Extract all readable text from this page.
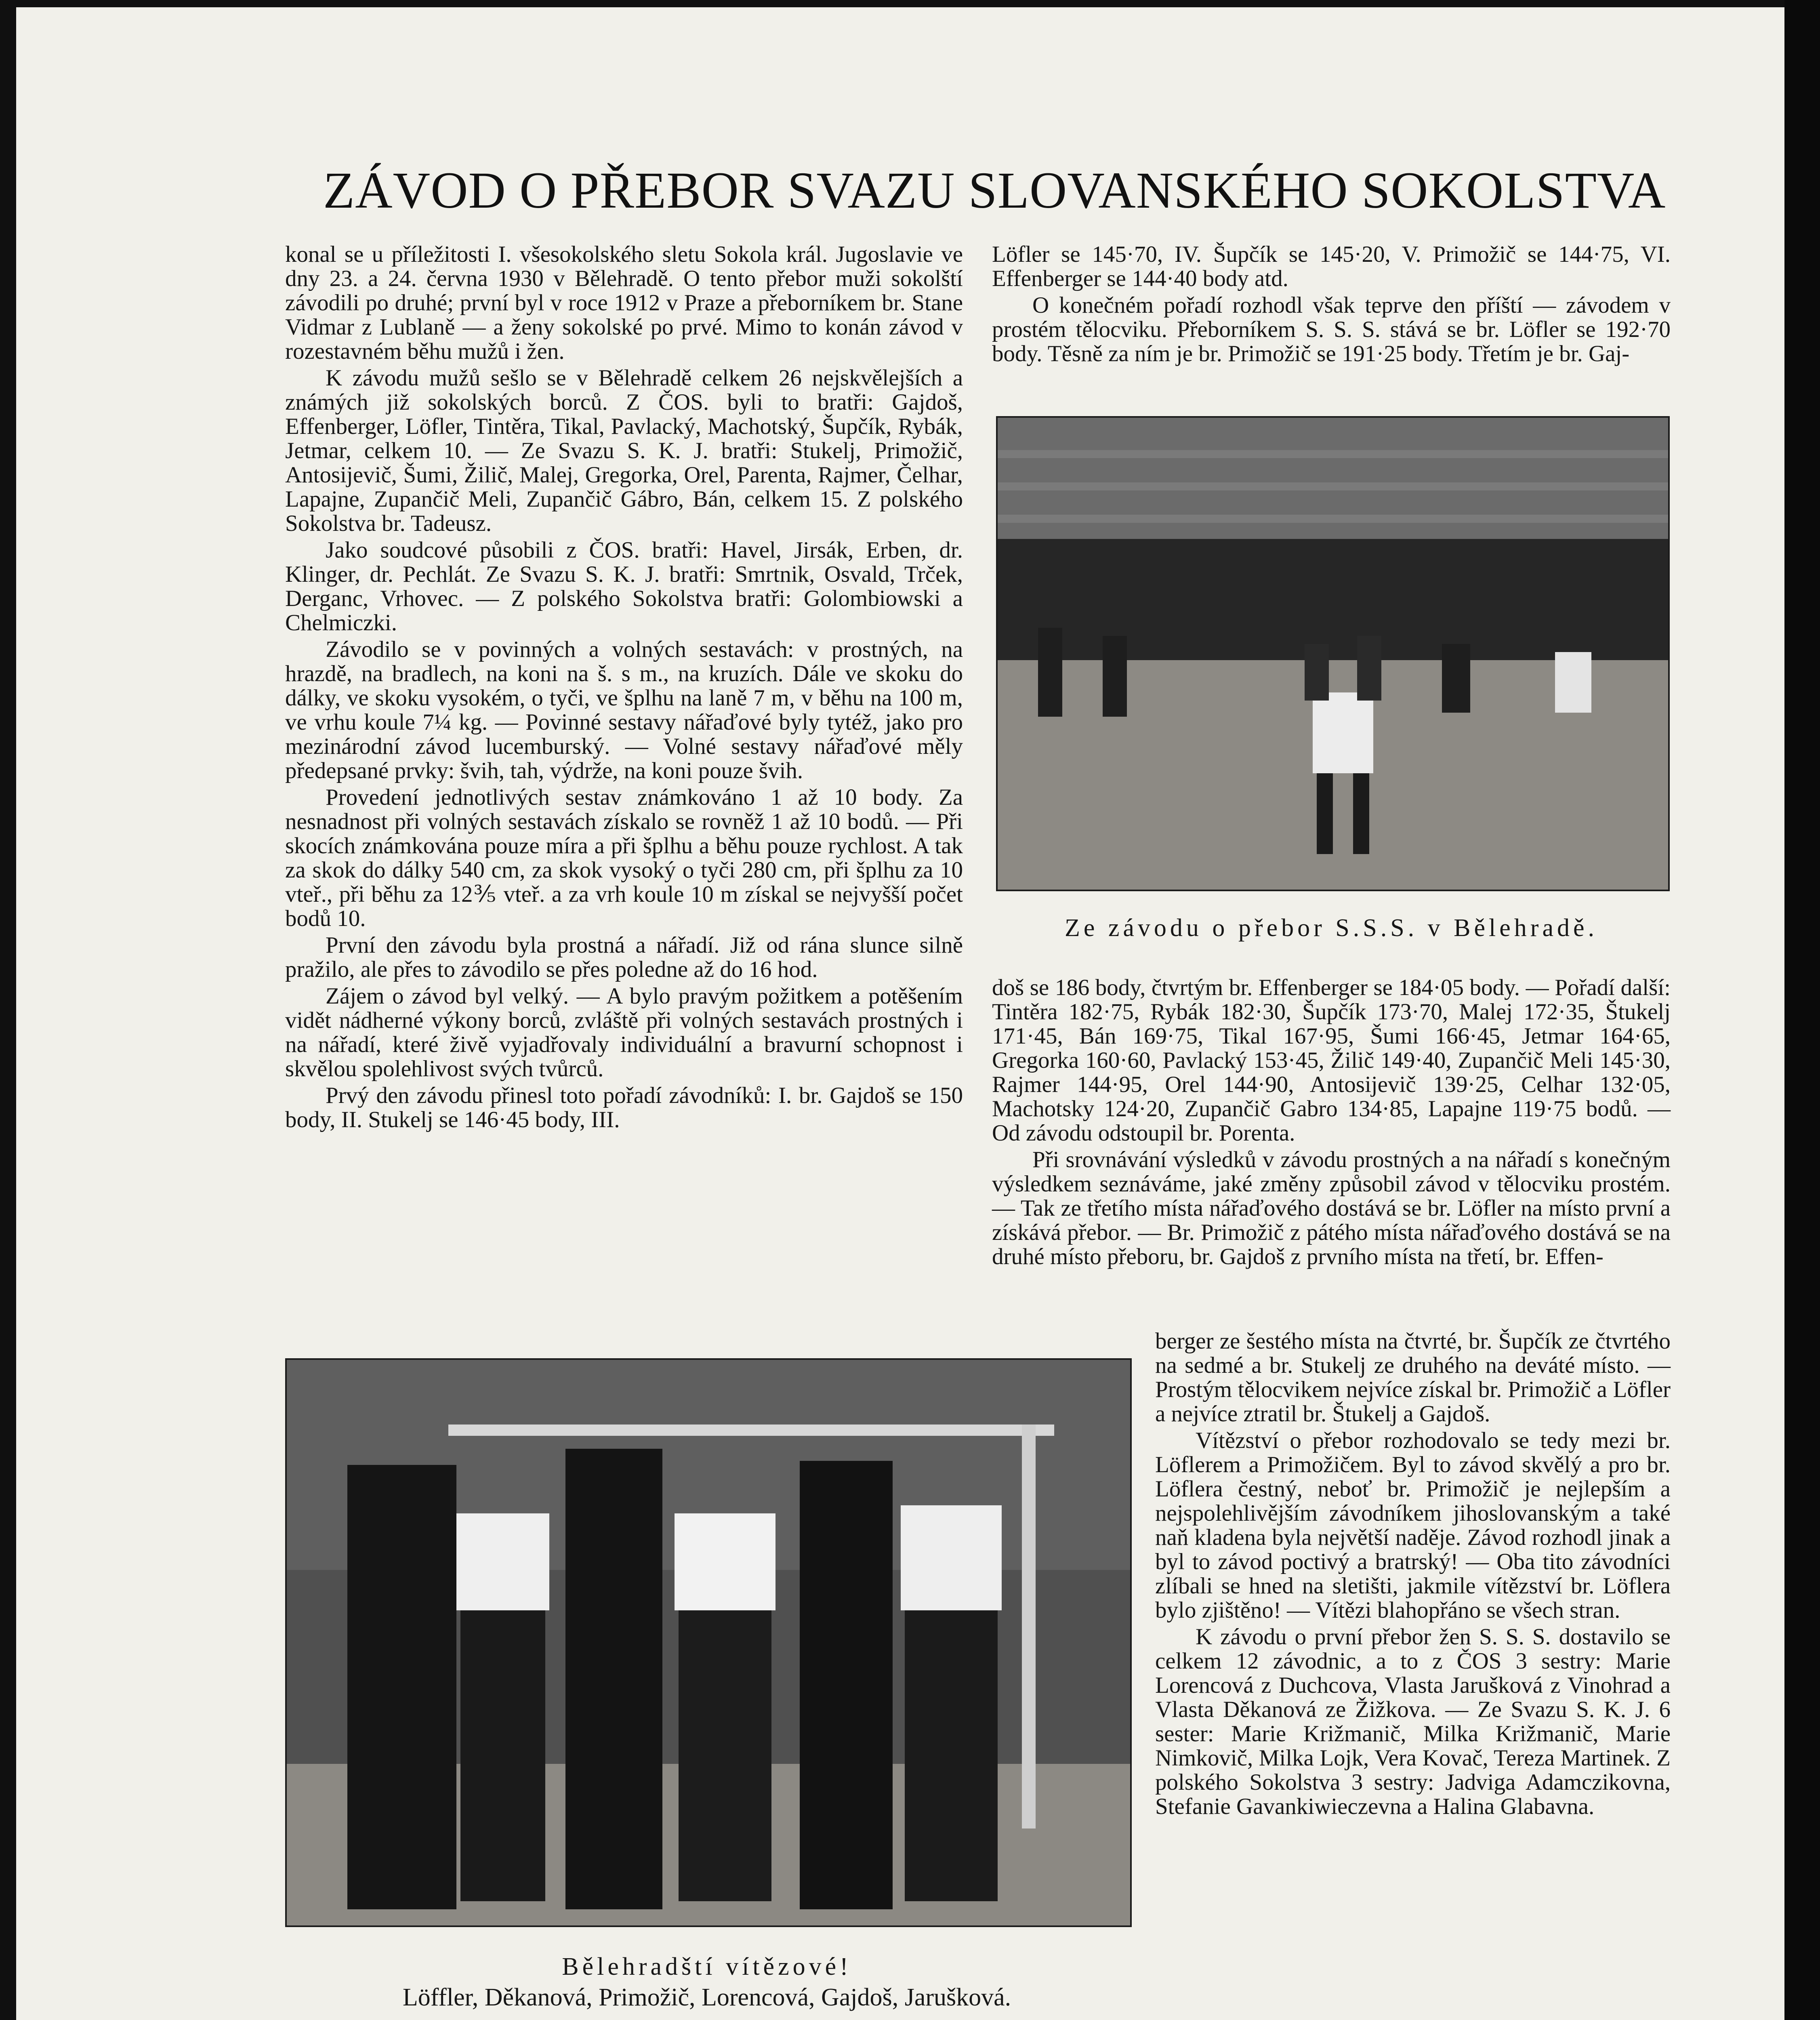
ZÁVOD O PŘEBOR SVAZU SLOVANSKÉHO SOKOLSTVA

konal se u příležitosti I. všesokolského sletu Sokola král. Jugoslavie ve dny 23. a 24. června 1930 v Bělehradě. O tento přebor muži sokolští závodili po druhé; první byl v roce 1912 v Praze a přeborníkem br. Stane Vidmar z Lublaně — a ženy sokolské po prvé. Mimo to konán závod v rozestavném běhu mužů i žen.

K závodu mužů sešlo se v Bělehradě celkem 26 nejskvělejších a známých již sokolských borců. Z ČOS. byli to bratři: Gajdoš, Effenberger, Löfler, Tintěra, Tikal, Pavlacký, Machotský, Šupčík, Rybák, Jetmar, celkem 10. — Ze Svazu S. K. J. bratři: Stukelj, Primožič, Antosijevič, Šumi, Žilič, Malej, Gregorka, Orel, Parenta, Rajmer, Čelhar, Lapajne, Zupančič Meli, Zupančič Gábro, Bán, celkem 15. Z polského Sokolstva br. Tadeusz.

Jako soudcové působili z ČOS. bratři: Havel, Jirsák, Erben, dr. Klinger, dr. Pechlát. Ze Svazu S. K. J. bratři: Smrtnik, Osvald, Trček, Derganc, Vrhovec. — Z polského Sokolstva bratři: Golombiowski a Chelmiczki.

Závodilo se v povinných a volných sestavách: v prostných, na hrazdě, na bradlech, na koni na š. s m., na kruzích. Dále ve skoku do dálky, ve skoku vysokém, o tyči, ve šplhu na laně 7 m, v běhu na 100 m, ve vrhu koule 7¼ kg. — Povinné sestavy nářaďové byly tytéž, jako pro mezinárodní závod lucemburský. — Volné sestavy nářaďové měly předepsané prvky: švih, tah, výdrže, na koni pouze švih.

Provedení jednotlivých sestav známkováno 1 až 10 body. Za nesnadnost při volných sestavách získalo se rovněž 1 až 10 bodů. — Při skocích známkována pouze míra a při šplhu a běhu pouze rychlost. A tak za skok do dálky 540 cm, za skok vysoký o tyči 280 cm, při šplhu za 10 vteř., při běhu za 12⅗ vteř. a za vrh koule 10 m získal se nejvyšší počet bodů 10.

První den závodu byla prostná a nářadí. Již od rána slunce silně pražilo, ale přes to závodilo se přes poledne až do 16 hod.

Zájem o závod byl velký. — A bylo pravým požitkem a potěšením vidět nádherné výkony borců, zvláště při volných sestavách prostných i na nářadí, které živě vyjadřovaly individuální a bravurní schopnost i skvělou spolehlivost svých tvůrců.

Prvý den závodu přinesl toto pořadí závodníků: I. br. Gajdoš se 150 body, II. Stukelj se 146·45 body, III.

Löfler se 145·70, IV. Šupčík se 145·20, V. Primožič se 144·75, VI. Effenberger se 144·40 body atd.

O konečném pořadí rozhodl však teprve den příští — závodem v prostém tělocviku. Přeborníkem S. S. S. stává se br. Löfler se 192·70 body. Těsně za ním je br. Primožič se 191·25 body. Třetím je br. Gaj-

Ze závodu o přebor S.S.S. v Bělehradě.

doš se 186 body, čtvrtým br. Effenberger se 184·05 body. — Pořadí další: Tintěra 182·75, Rybák 182·30, Šupčík 173·70, Malej 172·35, Štukelj 171·45, Bán 169·75, Tikal 167·95, Šumi 166·45, Jetmar 164·65, Gregorka 160·60, Pavlacký 153·45, Žilič 149·40, Zupančič Meli 145·30, Rajmer 144·95, Orel 144·90, Antosijevič 139·25, Celhar 132·05, Machotsky 124·20, Zupančič Gabro 134·85, Lapajne 119·75 bodů. — Od závodu odstoupil br. Porenta.

Při srovnávání výsledků v závodu prostných a na nářadí s konečným výsledkem seznáváme, jaké změny způsobil závod v tělocviku prostém. — Tak ze třetího místa nářaďového dostává se br. Löfler na místo první a získává přebor. — Br. Primožič z pátého místa nářaďového dostává se na druhé místo přeboru, br. Gajdoš z prvního místa na třetí, br. Effen-

Bělehradští vítězové!
Löffler, Děkanová, Primožič, Lorencová, Gajdoš, Jarušková.

berger ze šestého místa na čtvrté, br. Šupčík ze čtvrtého na sedmé a br. Stukelj ze druhého na deváté místo. — Prostým tělocvikem nejvíce získal br. Primožič a Löfler a nejvíce ztratil br. Štukelj a Gajdoš.

Vítězství o přebor rozhodovalo se tedy mezi br. Löflerem a Primožičem. Byl to závod skvělý a pro br. Löflera čestný, neboť br. Primožič je nejlepším a nejspolehlivějším závodníkem jihoslovanským a také naň kladena byla největší naděje. Závod rozhodl jinak a byl to závod poctivý a bratrský! — Oba tito závodníci zlíbali se hned na sletišti, jakmile vítězství br. Löflera bylo zjištěno! — Vítězi blahopřáno se všech stran.

K závodu o první přebor žen S. S. S. dostavilo se celkem 12 závodnic, a to z ČOS 3 sestry: Marie Lorencová z Duchcova, Vlasta Jarušková z Vinohrad a Vlasta Děkanová ze Žižkova. — Ze Svazu S. K. J. 6 sester: Marie Križmanič, Milka Križmanič, Marie Nimkovič, Milka Lojk, Vera Kovač, Tereza Martinek. Z polského Sokolstva 3 sestry: Jadviga Adamczikovna, Stefanie Gavankiwieczevna a Halina Glabavna.
